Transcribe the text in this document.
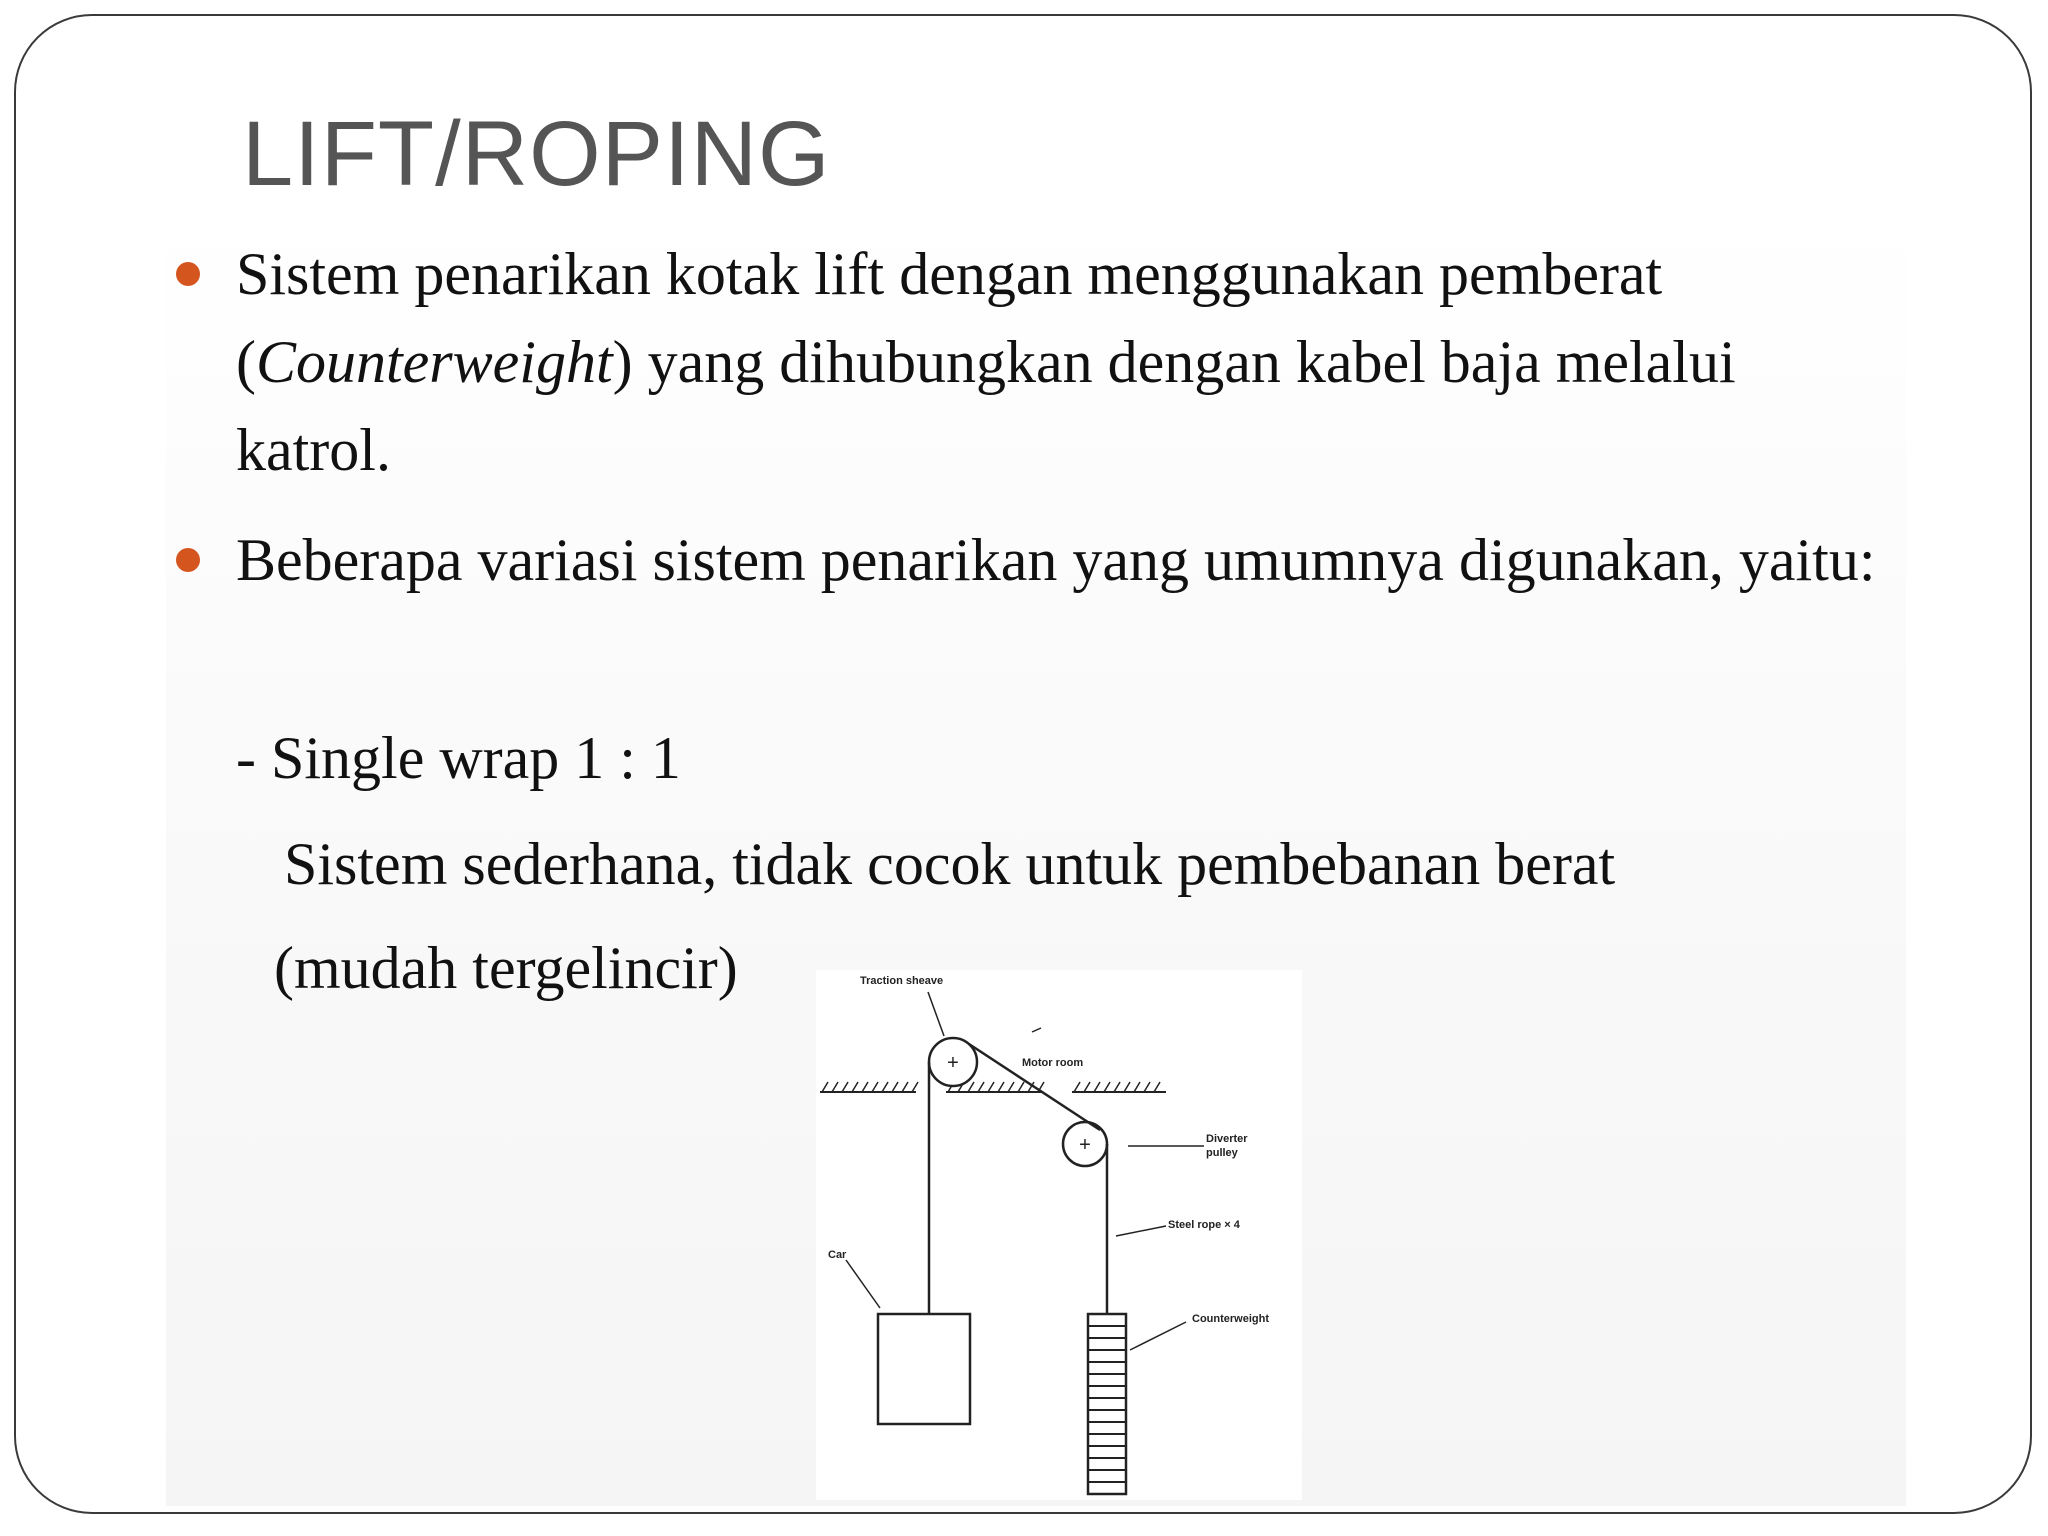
LIFT/ROPING
Sistem penarikan kotak lift dengan menggunakan pemberat (Counterweight) yang dihubungkan dengan kabel baja melalui katrol.
Beberapa variasi sistem penarikan yang umumnya digunakan, yaitu:
- Single wrap 1 : 1
Sistem sederhana, tidak cocok untuk pembebanan berat
(mudah tergelincir)
+
+
Traction sheave
Motor room
Diverter
pulley
Steel rope × 4
Car
Counterweight
